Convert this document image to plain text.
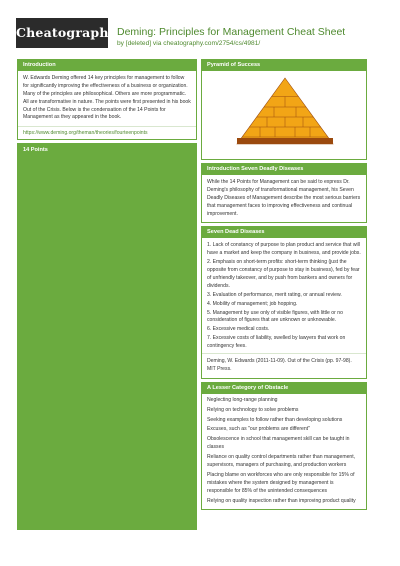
Cheatography Deming: Principles for Management Cheat Sheet
by [deleted] via cheatography.com/2754/cs/4981/
Introduction
W. Edwards Deming offered 14 key principles for management to follow for significantly improving the effectiveness of a business or organization. Many of the principles are philosophical. Others are more programmatic. All are transformative in nature. The points were first presented in his book Out of the Crisis. Below is the condensation of the 14 Points for Management as they appeared in the book.
https://www.deming.org/theman/theories/fourteenpoints
14 Points
Pyramid of Success
Introduction Seven Deadly Diseases
While the 14 Points for Management can be said to express Dr. Deming's philosophy of transformational management, his Seven Deadly Diseases of Management describe the most serious barriers that management faces to improving effectiveness and continual improvement.
Seven Dead Diseases
1. Lack of constancy of purpose to plan product and service that will have a market and keep the company in business, and provide jobs.
2. Emphasis on short-term profits: short-term thinking (just the opposite from constancy of purpose to stay in business), fed by fear of unfriendly takeover, and by push from bankers and owners for dividends.
3. Evaluation of performance, merit rating, or annual review.
4. Mobility of management; job hopping.
5. Management by use only of visible figures, with little or no consideration of figures that are unknown or unknowable.
6. Excessive medical costs.
7. Excessive costs of liability, swelled by lawyers that work on contingency fees.
Deming, W. Edwards (2011-11-09). Out of the Crisis (pp. 97-98). MIT Press.
A Lesser Category of Obstacle
Neglecting long-range planning
Relying on technology to solve problems
Seeking examples to follow rather than developing solutions
Excuses, such as "our problems are different"
Obsolescence in school that management skill can be taught in classes
Reliance on quality control departments rather than management, supervisors, managers of purchasing, and production workers
Placing blame on workforces who are only responsible for 15% of mistakes where the system designed by management is responsible for 85% of the unintended consequences
Relying on quality inspection rather than improving product quality
